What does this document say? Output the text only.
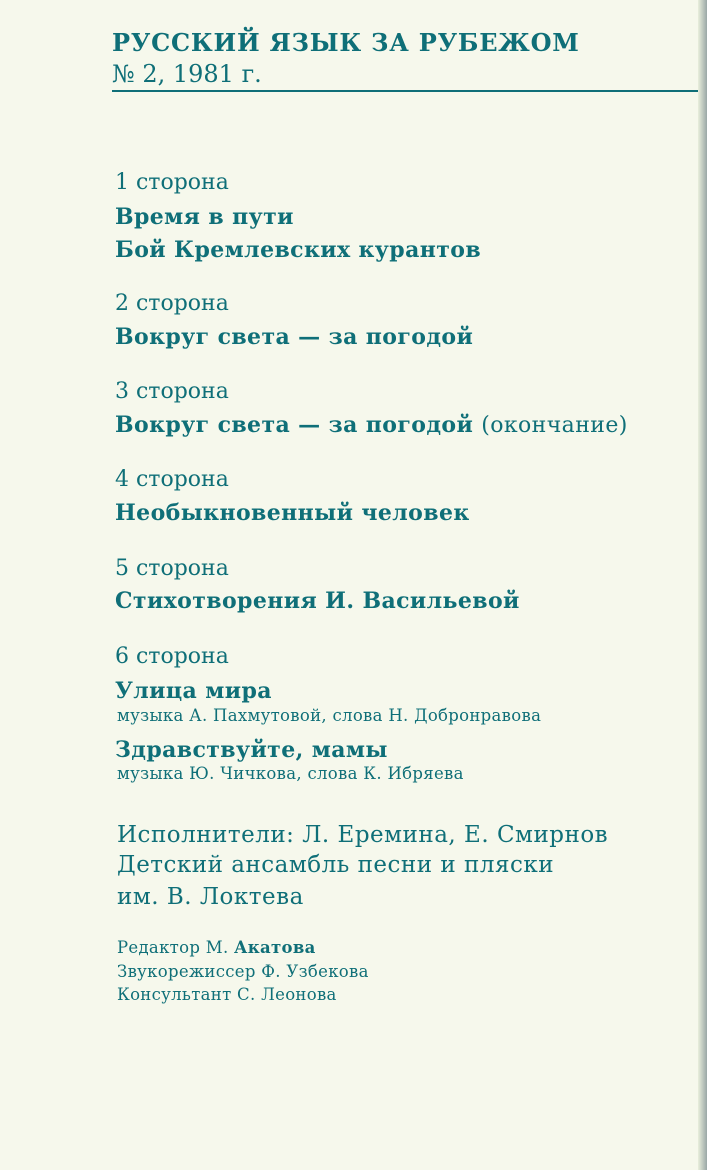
РУССКИЙ ЯЗЫК ЗА РУБЕЖОМ
№ 2, 1981 г.
1 сторона
Время в пути
Бой Кремлевских курантов
2 сторона
Вокруг света — за погодой
3 сторона
Вокруг света — за погодой (окончание)
4 сторона
Необыкновенный человек
5 сторона
Стихотворения И. Васильевой
6 сторона
Улица мира
музыка А. Пахмутовой, слова Н. Добронравова
Здравствуйте, мамы
музыка Ю. Чичкова, слова К. Ибряева
Исполнители: Л. Еремина, Е. Смирнов
Детский ансамбль песни и пляски
им. В. Локтева
Редактор М. Акатова
Звукорежиссер Ф. Узбекова
Консультант С. Леонова
